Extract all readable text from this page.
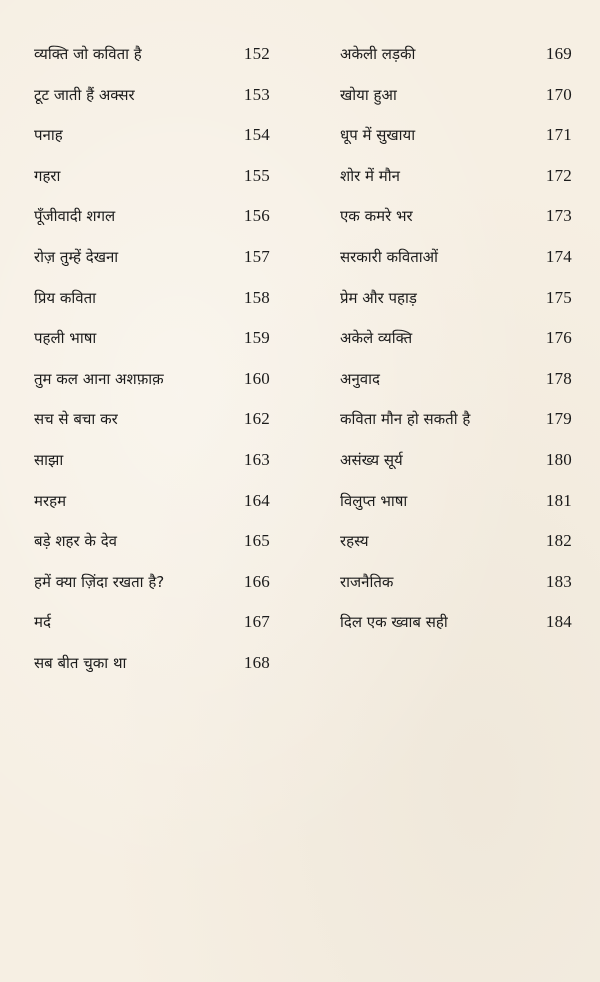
व्यक्ति जो कविता है	152
टूट जाती हैं अक्सर	153
पनाह	154
गहरा	155
पूँजीवादी शगल	156
रोज़ तुम्हें देखना	157
प्रिय कविता	158
पहली भाषा	159
तुम कल आना अशफ़ाक़	160
सच से बचा कर	162
साझा	163
मरहम	164
बड़े शहर के देव	165
हमें क्या ज़िंदा रखता है?	166
मर्द	167
सब बीत चुका था	168
अकेली लड़की	169
खोया हुआ	170
धूप में सुखाया	171
शोर में मौन	172
एक कमरे भर	173
सरकारी कविताओं	174
प्रेम और पहाड़	175
अकेले व्यक्ति	176
अनुवाद	178
कविता मौन हो सकती है	179
असंख्य सूर्य	180
विलुप्त भाषा	181
रहस्य	182
राजनैतिक	183
दिल एक ख्वाब सही	184
